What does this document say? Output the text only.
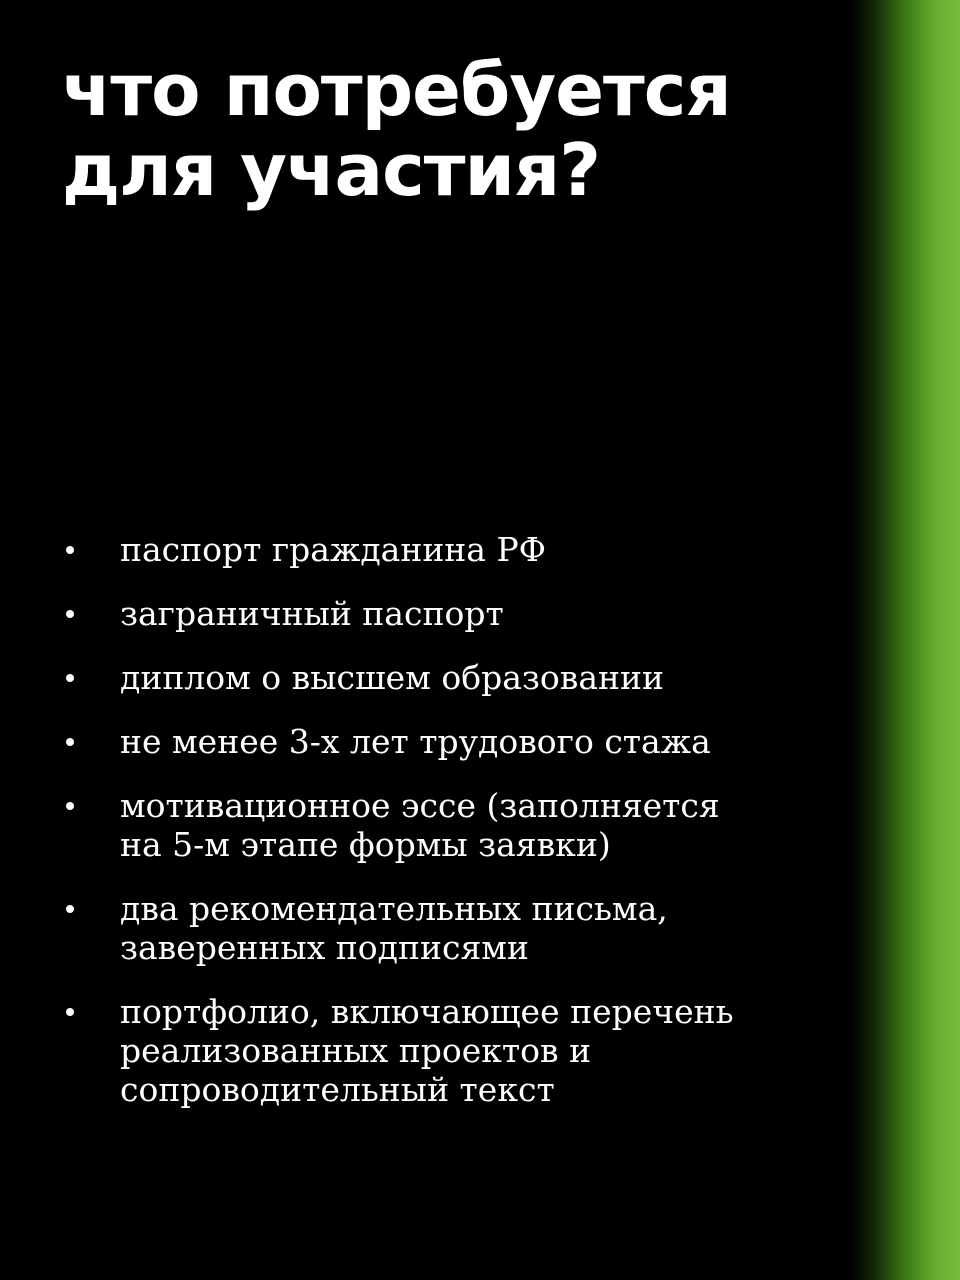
что потребуется
для участия?
паспорт гражданина РФ
заграничный паспорт
диплом о высшем образовании
не менее 3-х лет трудового стажа
мотивационное эссе (заполняется на 5-м этапе формы заявки)
два рекомендательных письма, заверенных подписями
портфолио, включающее перечень реализованных проектов и сопроводительный текст
